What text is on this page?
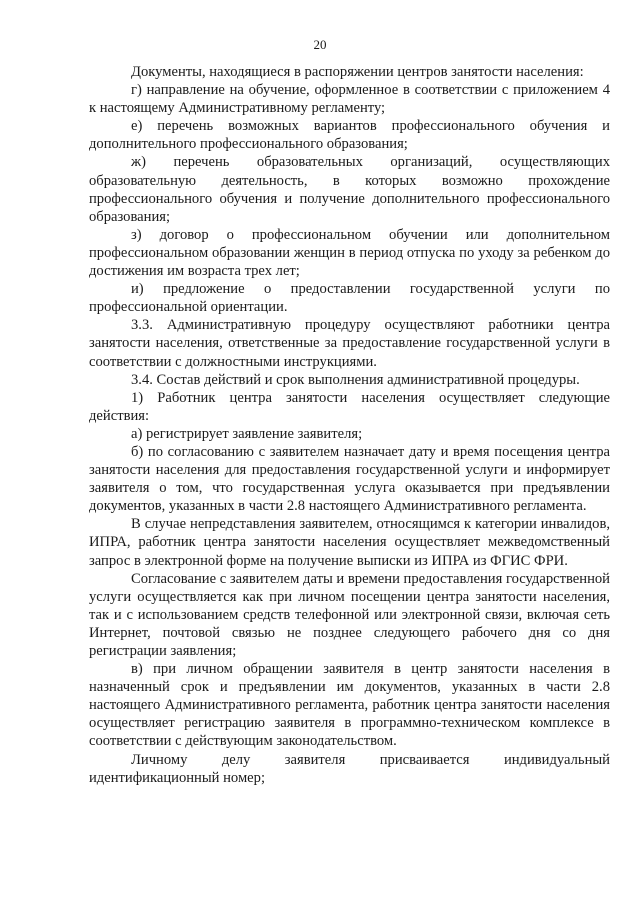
20

Документы, находящиеся в распоряжении центров занятости населения:

г) направление на обучение, оформленное в соответствии с приложением 4 к настоящему Административному регламенту;

е) перечень возможных вариантов профессионального обучения и дополнительного профессионального образования;

ж) перечень образовательных организаций, осуществляющих образовательную деятельность, в которых возможно прохождение профессионального обучения и получение дополнительного профессионального образования;

з) договор о профессиональном обучении или дополнительном профессиональном образовании женщин в период отпуска по уходу за ребенком до достижения им возраста трех лет;

и) предложение о предоставлении государственной услуги по профессиональной ориентации.

3.3. Административную процедуру осуществляют работники центра занятости населения, ответственные за предоставление государственной услуги в соответствии с должностными инструкциями.

3.4. Состав действий и срок выполнения административной процедуры.

1) Работник центра занятости населения осуществляет следующие действия:

а) регистрирует заявление заявителя;

б) по согласованию с заявителем назначает дату и время посещения центра занятости населения для предоставления государственной услуги и информирует заявителя о том, что государственная услуга оказывается при предъявлении документов, указанных в части 2.8 настоящего Административного регламента.

В случае непредставления заявителем, относящимся к категории инвалидов, ИПРА, работник центра занятости населения осуществляет межведомственный запрос в электронной форме на получение выписки из ИПРА из ФГИС ФРИ.

Согласование с заявителем даты и времени предоставления государственной услуги осуществляется как при личном посещении центра занятости населения, так и с использованием средств телефонной или электронной связи, включая сеть Интернет, почтовой связью не позднее следующего рабочего дня со дня регистрации заявления;

в) при личном обращении заявителя в центр занятости населения в назначенный срок и предъявлении им документов, указанных в части 2.8 настоящего Административного регламента, работник центра занятости населения осуществляет регистрацию заявителя в программно-техническом комплексе в соответствии с действующим законодательством.

Личному делу заявителя присваивается индивидуальный идентификационный номер;
